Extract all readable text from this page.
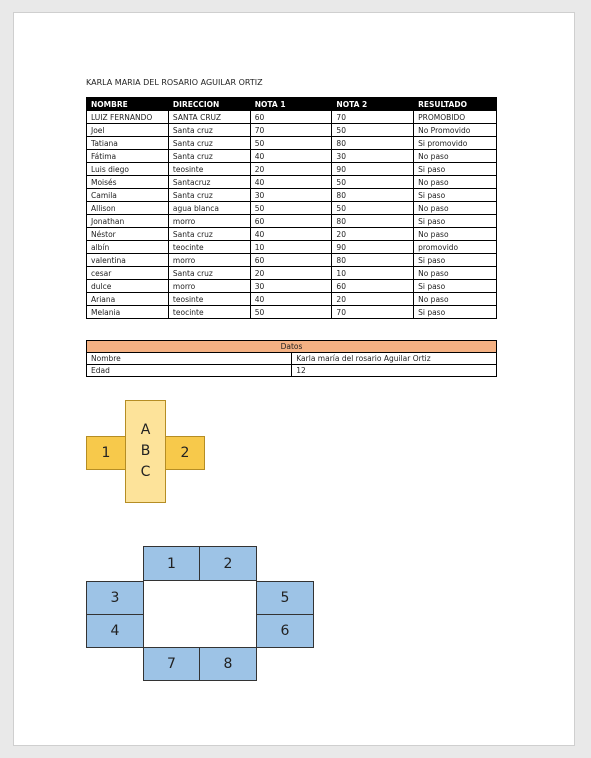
KARLA MARIA DEL ROSARIO AGUILAR ORTIZ
NOMBRE	DIRECCION	NOTA 1	NOTA 2	RESULTADO
LUIZ FERNANDO	SANTA CRUZ	60	70	PROMOBIDO
Joel	Santa cruz	70	50	No Promovido
Tatiana	Santa cruz	50	80	Si promovido
Fátima	Santa cruz	40	30	No paso
Luis diego	teosinte	20	90	Si paso
Moisés	Santacruz	40	50	No paso
Camila	Santa cruz	30	80	Si paso
Allison	agua blanca	50	50	No paso
Jonathan	morro	60	80	Si paso
Néstor	Santa cruz	40	20	No paso
albín	teocinte	10	90	promovido
valentina	morro	60	80	Si paso
cesar	Santa cruz	20	10	No paso
dulce	morro	30	60	Si paso
Ariana	teosinte	40	20	No paso
Melania	teocinte	50	70	Si paso
Datos	
Nombre	Karla maría del rosario Aguilar Ortiz
Edad	12
1
A
B
C
2
1	2
3
4
5
6
7	8
